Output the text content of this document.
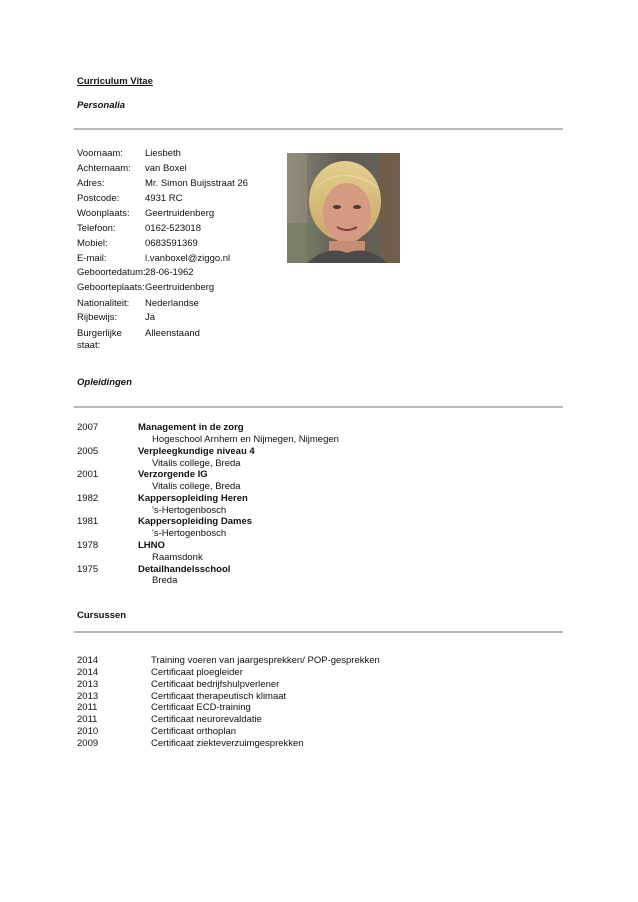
Curriculum Vitae
Personalia
Voornaam: Liesbeth
Achternaam: van Boxel
Adres:	Mr. Simon Buijsstraat 26
Postcode:	4931 RC
Woonplaats: Geertruidenberg
Telefoon:	0162-523018
Mobiel:	0683591369
E-mail:	l.vanboxel@ziggo.nl
Geboortedatum: 28-06-1962
Geboorteplaats: Geertruidenberg
Nationaliteit: Nederlandse
Rijbewijs:	Ja
Burgerlijke
staat:
Alleenstaand
Opleidingen
2007	Management in de zorg
Hogeschool Arnhem en Nijmegen, Nijmegen
2005	Verpleegkundige niveau 4
Vitalis college, Breda
2001	Verzorgende IG
Vitalis college, Breda
1982	Kappersopleiding Heren
's-Hertogenbosch
1981	Kappersopleiding Dames
's-Hertogenbosch
1978	LHNO
Raamsdonk
1975	Detailhandelsschool
Breda
Cursussen
2014	Training voeren van jaargesprekken/ POP-gesprekken
2014	Certificaat ploegleider
2013	Certificaat bedrijfshulpverlener
2013	Certificaat therapeutisch klimaat
2011	Certificaat ECD-training
2011	Certificaat neurorevaldatie
2010	Certificaat orthoplan
2009	Certificaat ziekteverzuimgesprekken
